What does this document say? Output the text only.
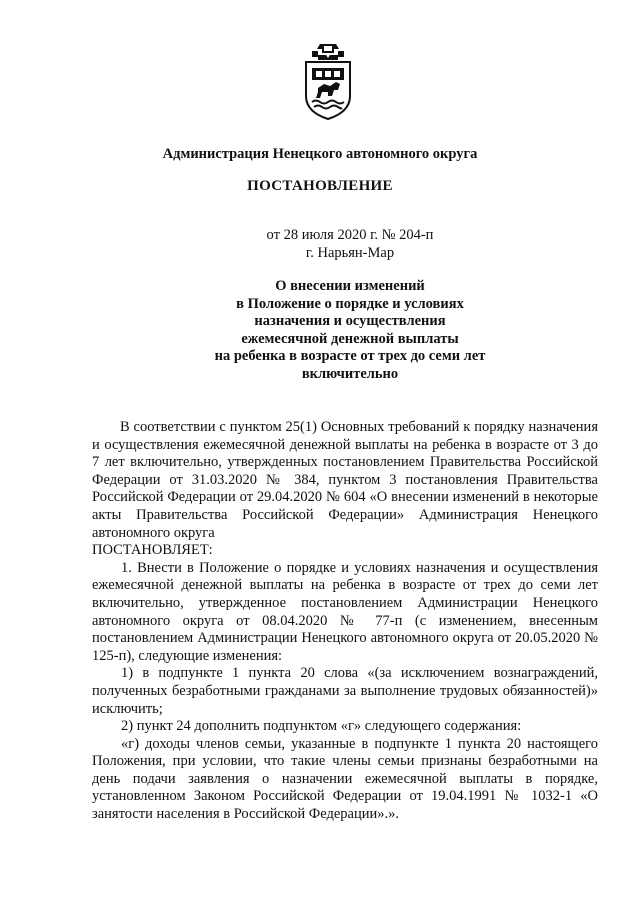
Администрация Ненецкого автономного округа
ПОСТАНОВЛЕНИЕ
от 28 июля 2020 г. № 204-п
г. Нарьян-Мар
О внесении изменений
в Положение о порядке и условиях
назначения и осуществления
ежемесячной денежной выплаты
на ребенка в возрасте от трех до семи лет
включительно

В соответствии с пунктом 25(1) Основных требований к порядку назначения и осуществления ежемесячной денежной выплаты на ребенка в возрасте от 3 до 7 лет включительно, утвержденных постановлением Правительства Российской Федерации от 31.03.2020 № 384, пунктом 3 постановления Правительства Российской Федерации от 29.04.2020 № 604 «О внесении изменений в некоторые акты Правительства Российской Федерации» Администрация Ненецкого автономного округа

ПОСТАНОВЛЯЕТ:

1. Внести в Положение о порядке и условиях назначения и осуществления ежемесячной денежной выплаты на ребенка в возрасте от трех до семи лет включительно, утвержденное постановлением Администрации Ненецкого автономного округа от 08.04.2020 № 77-п (с изменением, внесенным постановлением Администрации Ненецкого автономного округа от 20.05.2020 № 125-п), следующие изменения:

1) в подпункте 1 пункта 20 слова «(за исключением вознаграждений, полученных безработными гражданами за выполнение трудовых обязанностей)» исключить;

2) пункт 24 дополнить подпунктом «г» следующего содержания:

«г) доходы членов семьи, указанные в подпункте 1 пункта 20 настоящего Положения, при условии, что такие члены семьи признаны безработными на день подачи заявления о назначении ежемесячной выплаты в порядке, установленном Законом Российской Федерации от 19.04.1991 № 1032-1 «О занятости населения в Российской Федерации».».
